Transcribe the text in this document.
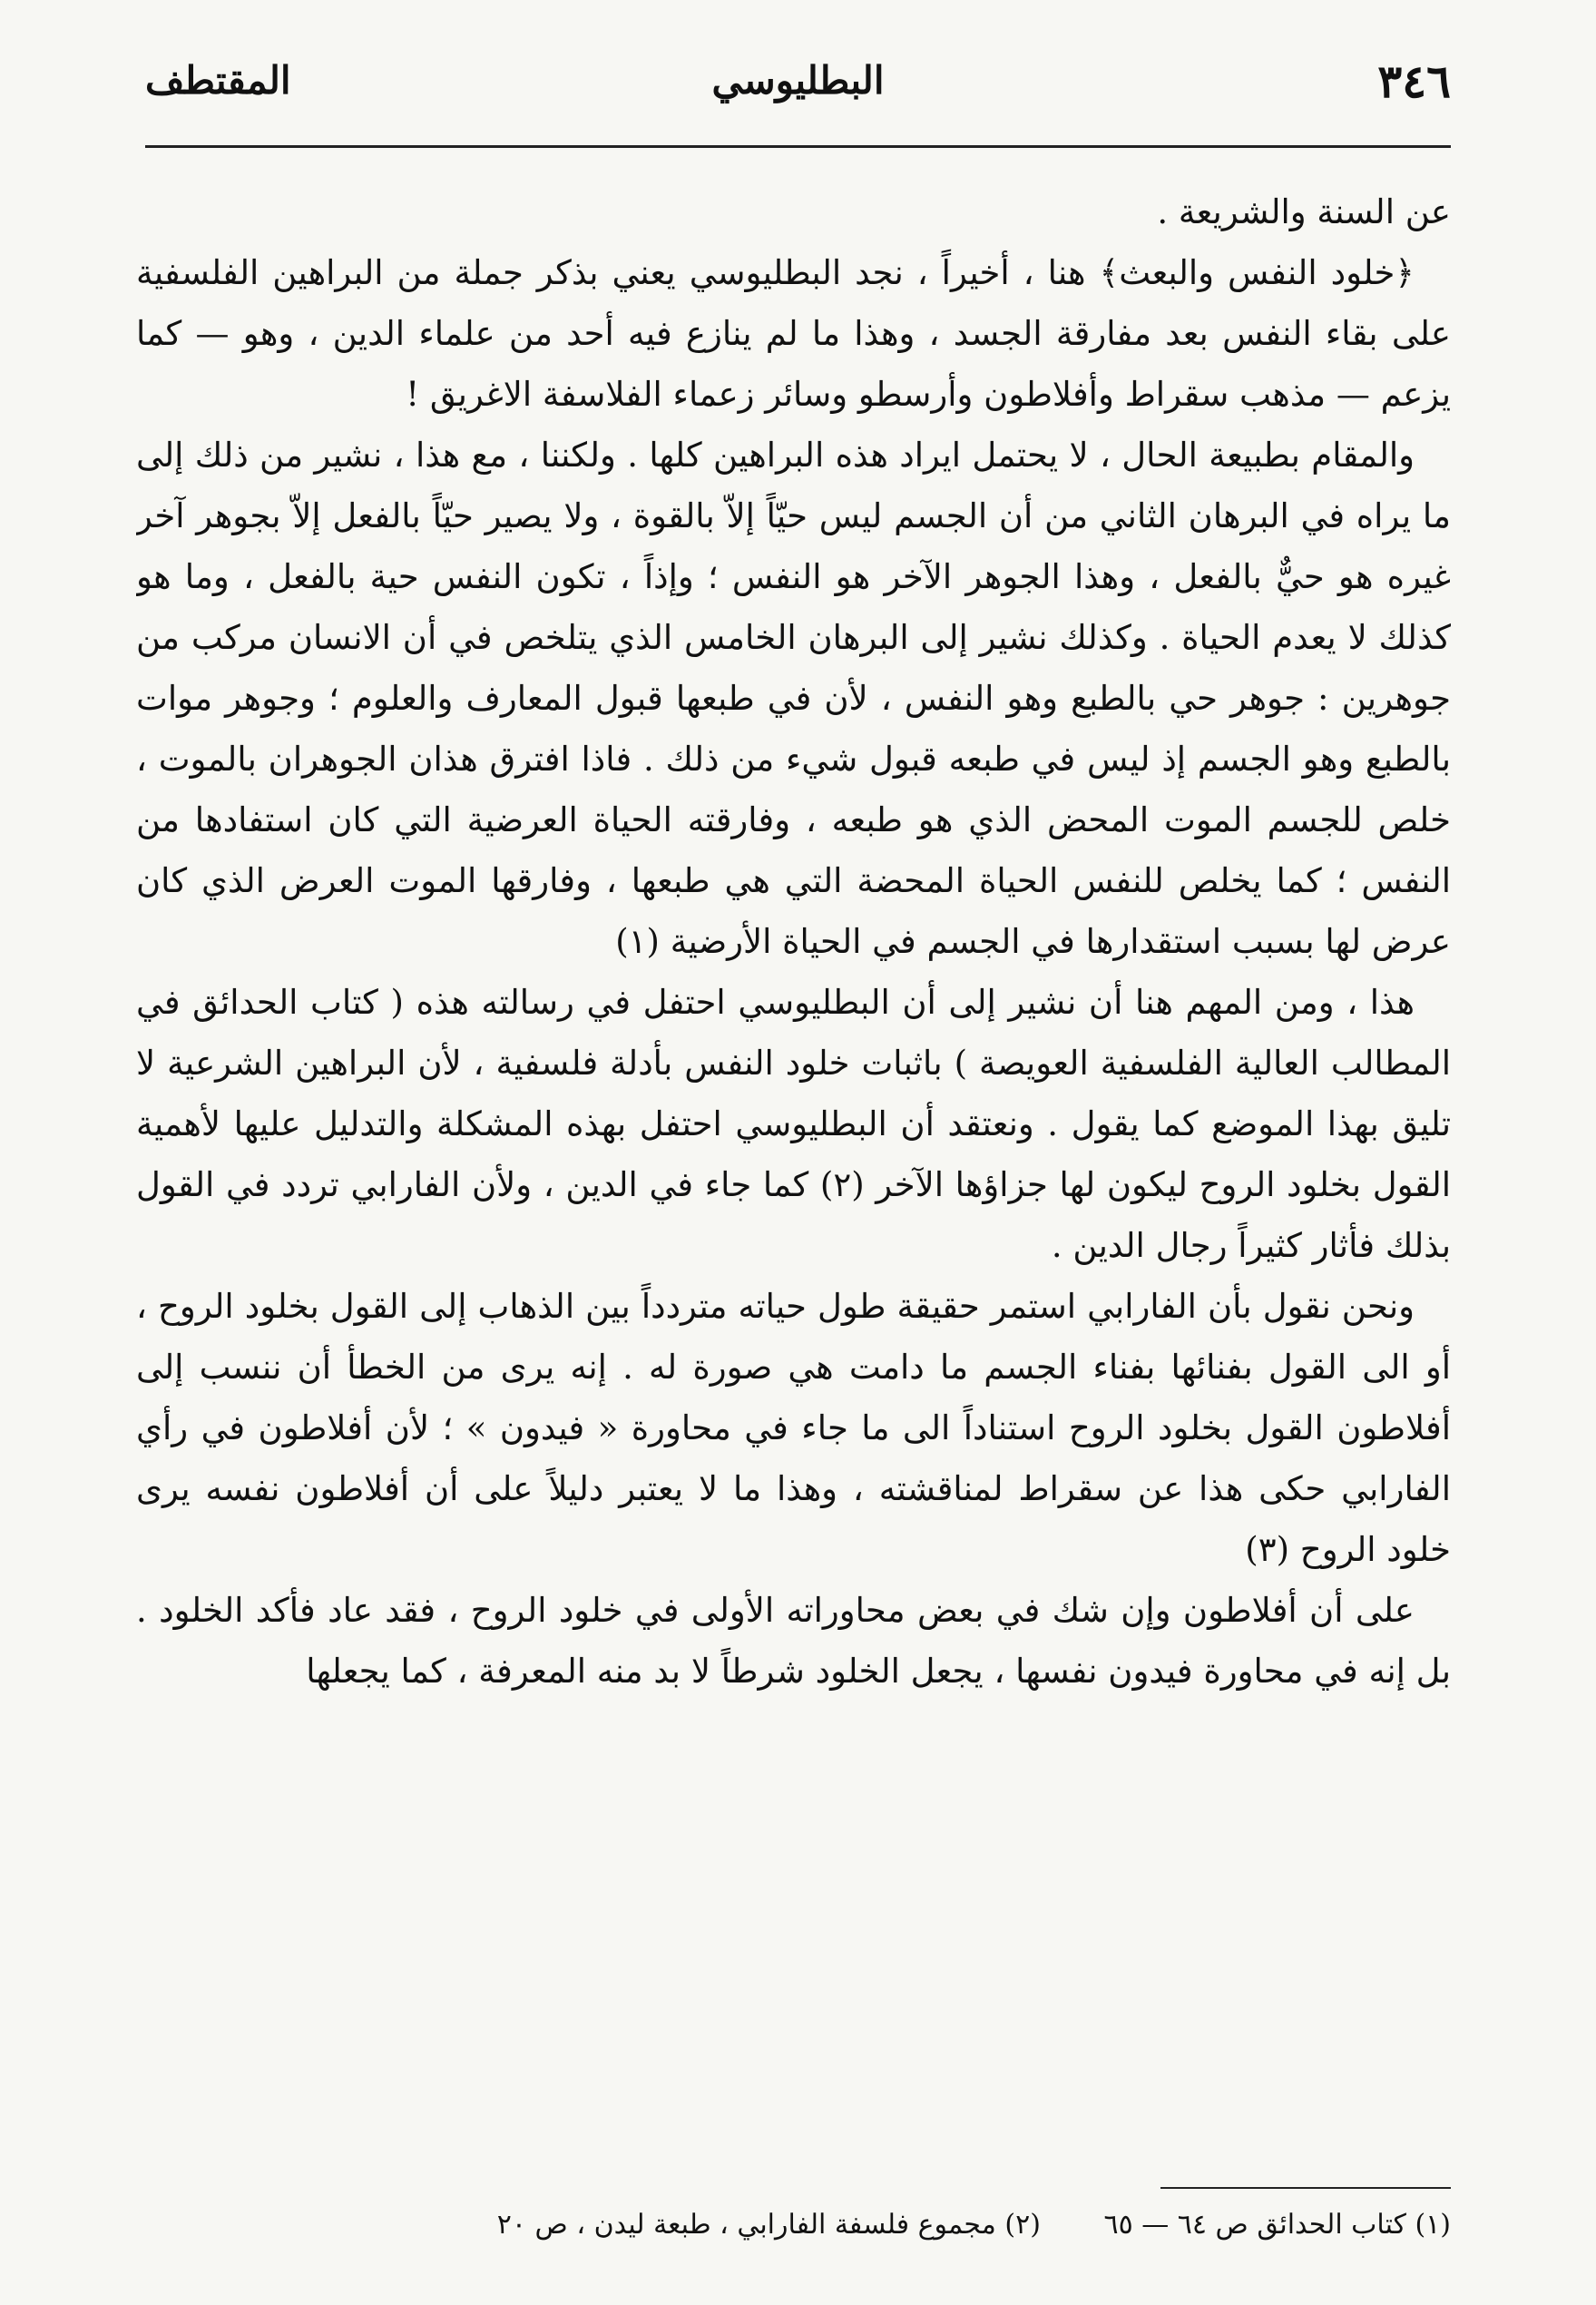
٣٤٦
البطليوسي
المقتطف

عن السنة والشريعة .

﴿خلود النفس والبعث﴾ هنا ، أخيراً ، نجد البطليوسي يعني بذكر جملة من البراهين الفلسفية على بقاء النفس بعد مفارقة الجسد ، وهذا ما لم ينازع فيه أحد من علماء الدين ، وهو — كما يزعم — مذهب سقراط وأفلاطون وأرسطو وسائر زعماء الفلاسفة الاغريق !

والمقام بطبيعة الحال ، لا يحتمل ايراد هذه البراهين كلها . ولكننا ، مع هذا ، نشير من ذلك إلى ما يراه في البرهان الثاني من أن الجسم ليس حيّاً إلاّ بالقوة ، ولا يصير حيّاً بالفعل إلاّ بجوهر آخر غيره هو حيٌّ بالفعل ، وهذا الجوهر الآخر هو النفس ؛ وإذاً ، تكون النفس حية بالفعل ، وما هو كذلك لا يعدم الحياة . وكذلك نشير إلى البرهان الخامس الذي يتلخص في أن الانسان مركب من جوهرين : جوهر حي بالطبع وهو النفس ، لأن في طبعها قبول المعارف والعلوم ؛ وجوهر موات بالطبع وهو الجسم إذ ليس في طبعه قبول شيء من ذلك . فاذا افترق هذان الجوهران بالموت ، خلص للجسم الموت المحض الذي هو طبعه ، وفارقته الحياة العرضية التي كان استفادها من النفس ؛ كما يخلص للنفس الحياة المحضة التي هي طبعها ، وفارقها الموت العرض الذي كان عرض لها بسبب استقدارها في الجسم في الحياة الأرضية (١)

هذا ، ومن المهم هنا أن نشير إلى أن البطليوسي احتفل في رسالته هذه ( كتاب الحدائق في المطالب العالية الفلسفية العويصة ) باثبات خلود النفس بأدلة فلسفية ، لأن البراهين الشرعية لا تليق بهذا الموضع كما يقول . ونعتقد أن البطليوسي احتفل بهذه المشكلة والتدليل عليها لأهمية القول بخلود الروح ليكون لها جزاؤها الآخر (٢) كما جاء في الدين ، ولأن الفارابي تردد في القول بذلك فأثار كثيراً رجال الدين .

ونحن نقول بأن الفارابي استمر حقيقة طول حياته متردداً بين الذهاب إلى القول بخلود الروح ، أو الى القول بفنائها بفناء الجسم ما دامت هي صورة له . إنه يرى من الخطأ أن ننسب إلى أفلاطون القول بخلود الروح استناداً الى ما جاء في محاورة « فيدون » ؛ لأن أفلاطون في رأي الفارابي حكى هذا عن سقراط لمناقشته ، وهذا ما لا يعتبر دليلاً على أن أفلاطون نفسه يرى خلود الروح (٣)

على أن أفلاطون وإن شك في بعض محاوراته الأولى في خلود الروح ، فقد عاد فأكد الخلود . بل إنه في محاورة فيدون نفسها ، يجعل الخلود شرطاً لا بد منه المعرفة ، كما يجعلها

(١) كتاب الحدائق ص ٦٤ — ٦٥ (٢) مجموع فلسفة الفارابي ، طبعة ليدن ، ص ٢٠
